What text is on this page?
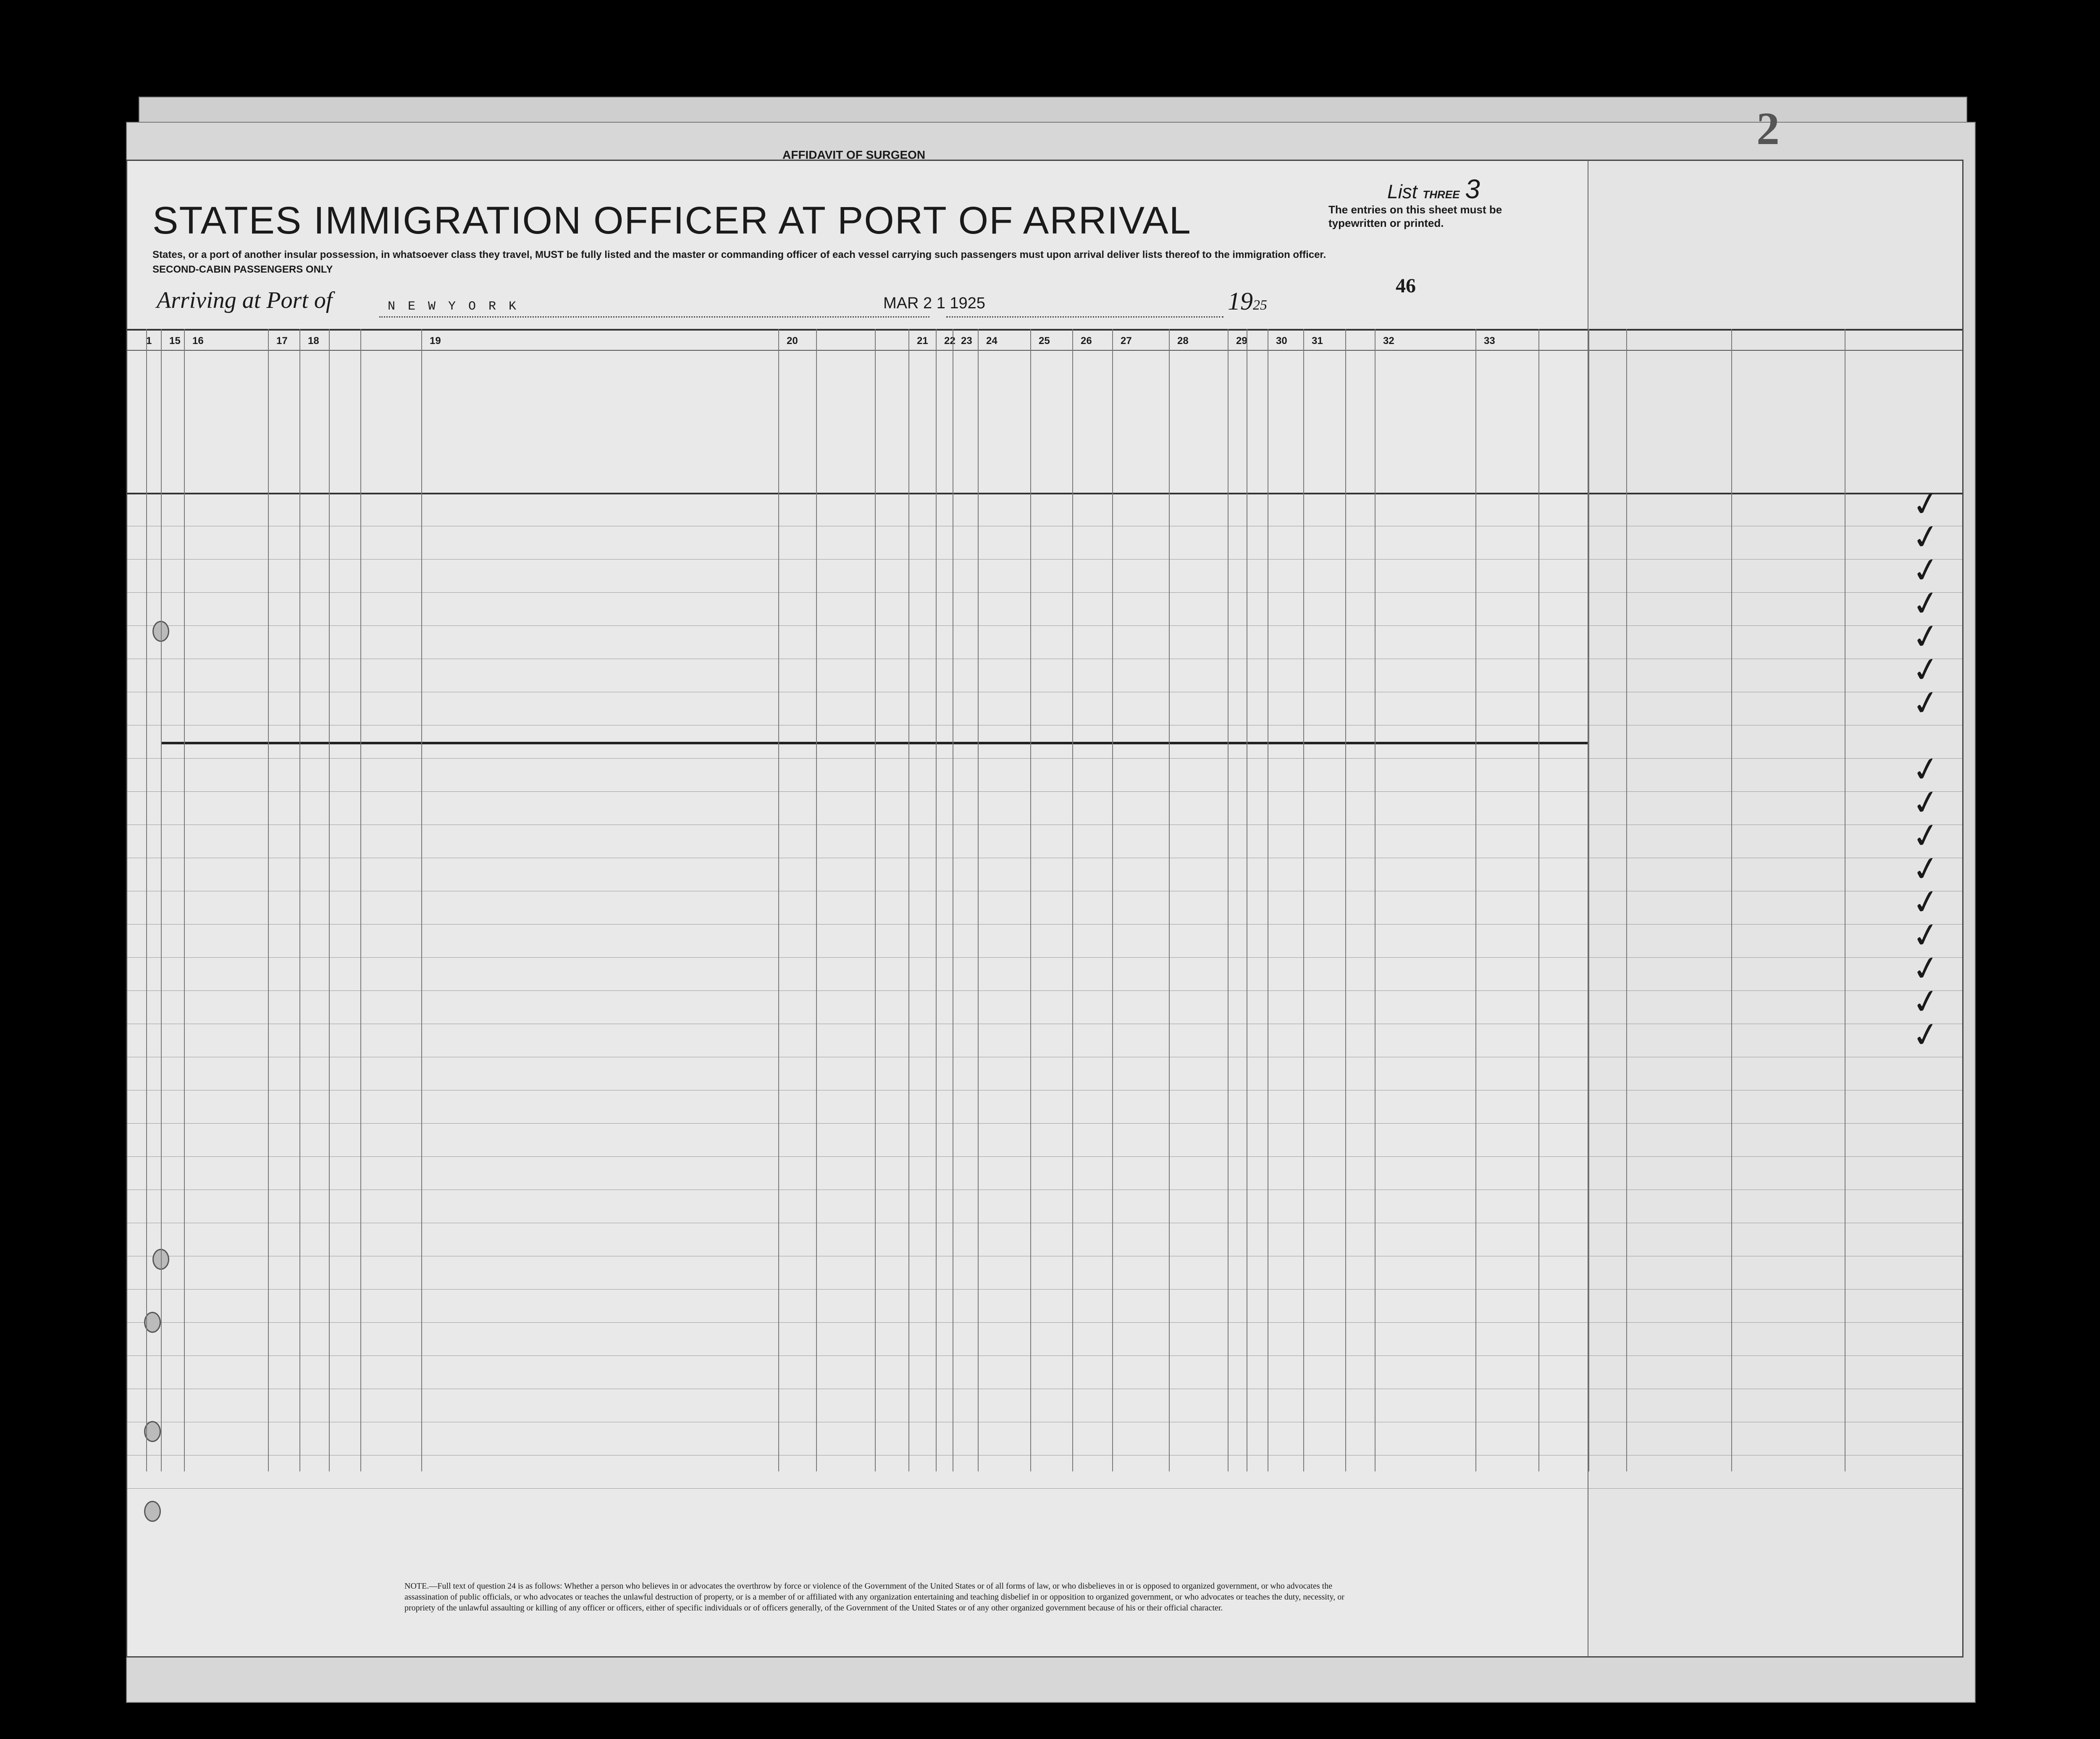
AFFIDAVIT OF SURGEON
STATES IMMIGRATION OFFICER AT PORT OF ARRIVAL
List THREE 3
The entries on this sheet must be typewritten or printed.
States, or a port of another insular possession, in whatsoever class they travel, MUST be fully listed and the master or commanding officer of each vessel carrying such passengers must upon arrival deliver lists thereof to the immigration officer.
SECOND-CABIN PASSENGERS ONLY
46
Arriving at Port of	N E W Y O R K	MAR 2 1 1925	1925
1 15 16	17 18	19	20	21 22 23 24	25	26	27	28	29	30 31	32	33
NOTE.—Full text of question 24 is as follows: Whether a person who believes in or advocates the overthrow by force or violence of the Government of the United States or of all forms of law, or who disbelieves in or is opposed to organized government, or who advocates the assassination of public officials, or who advocates or teaches the unlawful destruction of property, or is a member of or affiliated with any organization entertaining and teaching disbelief in or opposition to organized government, or who advocates or teaches the duty, necessity, or propriety of the unlawful assaulting or killing of any officer or officers, either of specific individuals or of officers generally, of the Government of the United States or of any other organized government because of his or their official character.
2
✓
✓
✓
✓
✓
✓
✓
✓
✓
✓
✓
✓
✓
✓
✓
✓
